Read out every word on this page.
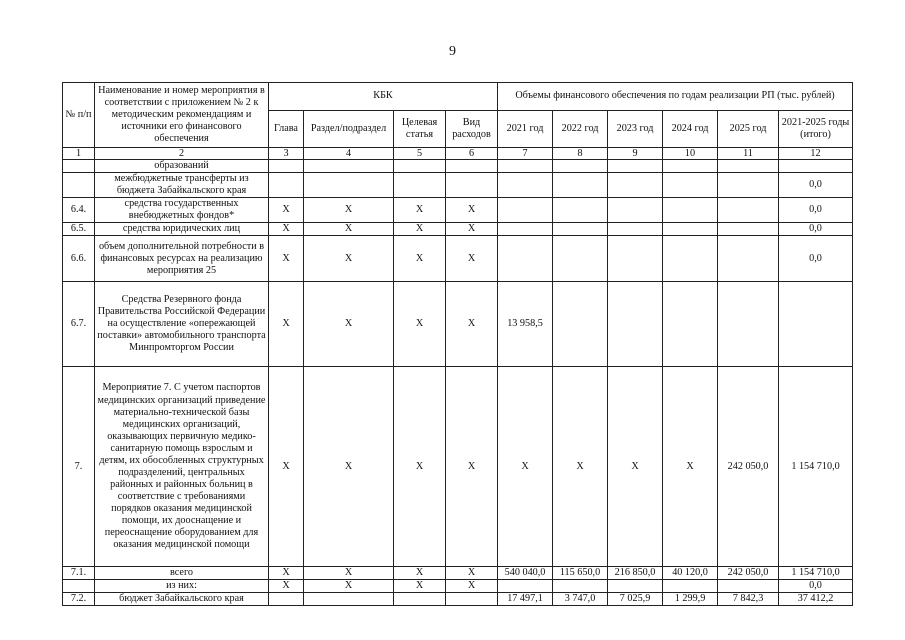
9
№ п/п	Наименование и номер мероприятия в соответствии с приложением № 2 к методическим рекомендациям и источники его финансового обеспечения	КБК				Объемы финансового обеспечения по годам реализации РП (тыс. рублей)					
		Глава	Раздел/подраздел	Целевая статья	Вид расходов	2021 год	2022 год	2023 год	2024 год	2025 год	2021-2025 годы (итого)
1	2	3	4	5	6	7	8	9	10	11	12
	образований										
	межбюджетные трансферты из бюджета Забайкальского края										0,0
6.4.	средства государственных внебюджетных фондов*	X	X	X	X						0,0
6.5.	средства юридических лиц	X	X	X	X						0,0
6.6.	объем дополнительной потребности в финансовых ресурсах на реализацию мероприятия 25	X	X	X	X						0,0
6.7.	Средства Резервного фонда Правительства Российской Федерации на осуществление «опережающей поставки» автомобильного транспорта Минпромторгом России	X	X	X	X	13 958,5					
7.	Мероприятие 7. С учетом паспортов медицинских организаций приведение материально-технической базы медицинских организаций, оказывающих первичную медико-санитарную помощь взрослым и детям, их обособленных структурных подразделений, центральных районных и районных больниц в соответствие с требованиями порядков оказания медицинской помощи, их дооснащение и переоснащение оборудованием для оказания медицинской помощи	X	X	X	X	X	X	X	X	242 050,0	1 154 710,0
7.1.	всего	X	X	X	X	540 040,0	115 650,0	216 850,0	40 120,0	242 050,0	1 154 710,0
	из них:	X	X	X	X						0,0
7.2.	бюджет Забайкальского края					17 497,1	3 747,0	7 025,9	1 299,9	7 842,3	37 412,2
